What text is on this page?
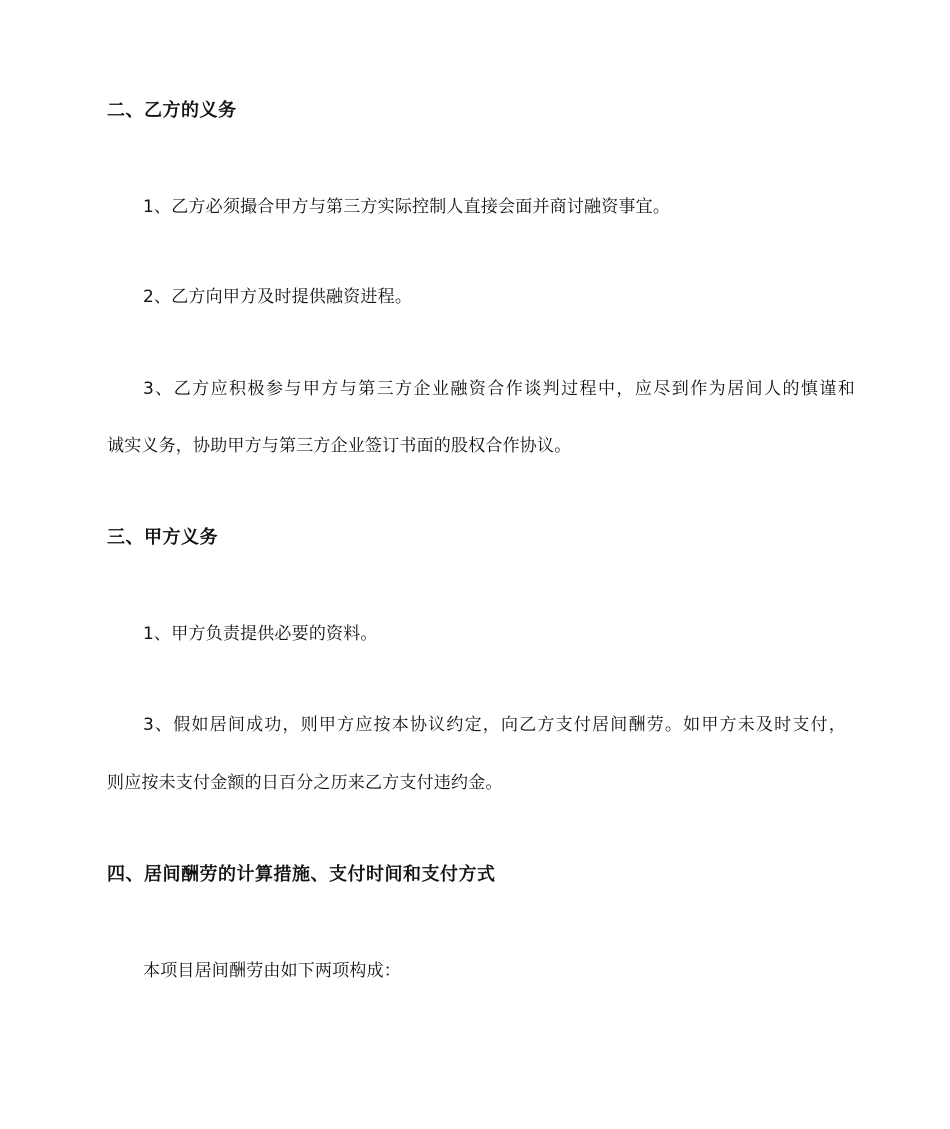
二、乙方的义务
1、乙方必须撮合甲方与第三方实际控制人直接会面并商讨融资事宜。
2、乙方向甲方及时提供融资进程。
3、乙方应积极参与甲方与第三方企业融资合作谈判过程中，应尽到作为居间人的慎谨和
诚实义务，协助甲方与第三方企业签订书面的股权合作协议。
三、甲方义务
1、甲方负责提供必要的资料。
3、假如居间成功，则甲方应按本协议约定，向乙方支付居间酬劳。如甲方未及时支付，
则应按未支付金额的日百分之历来乙方支付违约金。
四、居间酬劳的计算措施、支付时间和支付方式
本项目居间酬劳由如下两项构成：
